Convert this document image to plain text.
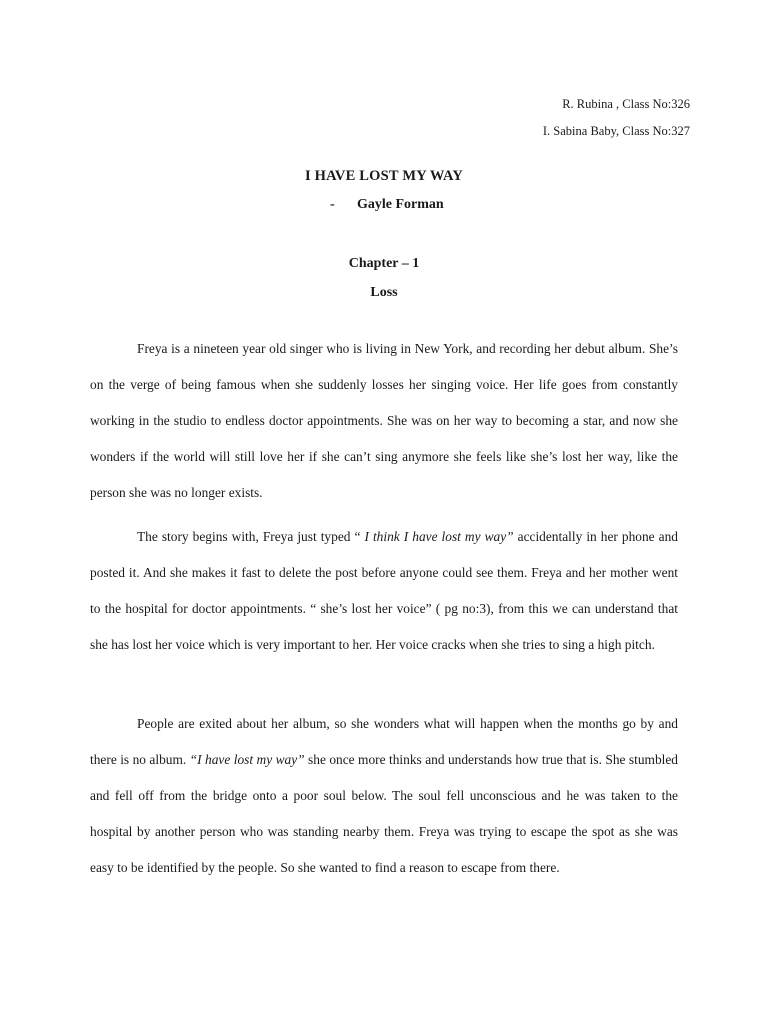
R. Rubina , Class No:326
I. Sabina Baby, Class No:327
I HAVE LOST MY WAY
- Gayle Forman
Chapter – 1
Loss

Freya is a nineteen year old singer who is living in New York, and recording her debut album. She’s on the verge of being famous when she suddenly losses her singing voice. Her life goes from constantly working in the studio to endless doctor appointments. She was on her way to becoming a star, and now she wonders if the world will still love her if she can’t sing anymore she feels like she’s lost her way, like the person she was no longer exists.

The story begins with, Freya just typed “ I think I have lost my way” accidentally in her phone and posted it. And she makes it fast to delete the post before anyone could see them. Freya and her mother went to the hospital for doctor appointments. “ she’s lost her voice” ( pg no:3), from this we can understand that she has lost her voice which is very important to her. Her voice cracks when she tries to sing a high pitch.

People are exited about her album, so she wonders what will happen when the months go by and there is no album. “I have lost my way” she once more thinks and understands how true that is. She stumbled and fell off from the bridge onto a poor soul below. The soul fell unconscious and he was taken to the hospital by another person who was standing nearby them. Freya was trying to escape the spot as she was easy to be identified by the people. So she wanted to find a reason to escape from there.
